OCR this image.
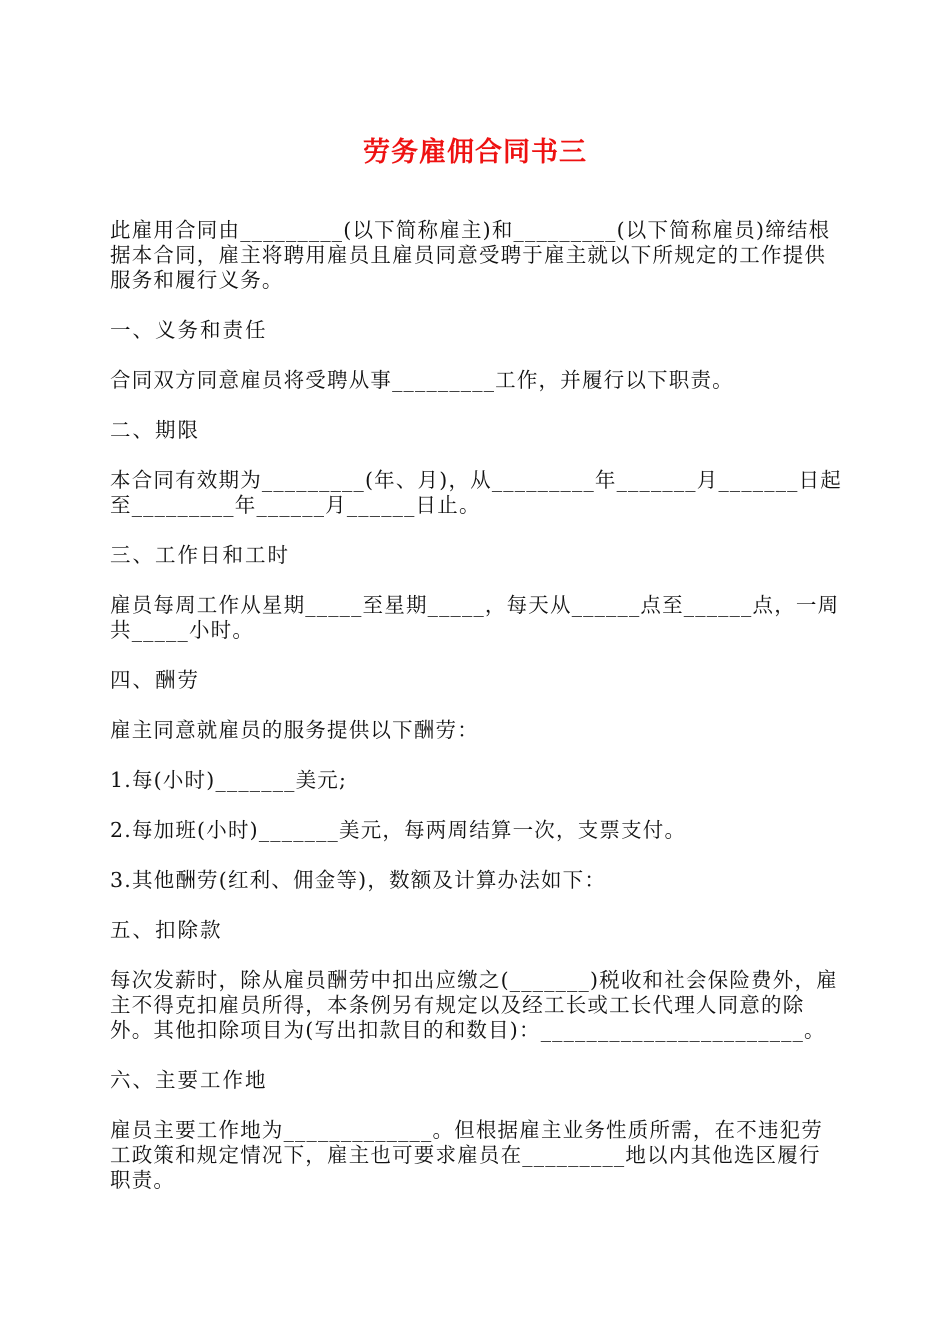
劳务雇佣合同书三

此雇用合同由_________(以下简称雇主)和_________(以下简称雇员)缔结根据本合同，雇主将聘用雇员且雇员同意受聘于雇主就以下所规定的工作提供服务和履行义务。

一、义务和责任

合同双方同意雇员将受聘从事_________工作，并履行以下职责。

二、期限

本合同有效期为_________(年、月)，从_________年_______月_______日起至_________年______月______日止。

三、工作日和工时

雇员每周工作从星期_____至星期_____，每天从______点至______点，一周共_____小时。

四、酬劳

雇主同意就雇员的服务提供以下酬劳：

1.每(小时)_______美元;

2.每加班(小时)_______美元，每两周结算一次，支票支付。

3.其他酬劳(红利、佣金等)，数额及计算办法如下：

五、扣除款

每次发薪时，除从雇员酬劳中扣出应缴之(_______)税收和社会保险费外，雇主不得克扣雇员所得，本条例另有规定以及经工长或工长代理人同意的除外。其他扣除项目为(写出扣款目的和数目)：_______________________。

六、主要工作地

雇员主要工作地为_____________。但根据雇主业务性质所需，在不违犯劳工政策和规定情况下，雇主也可要求雇员在_________地以内其他选区履行职责。
